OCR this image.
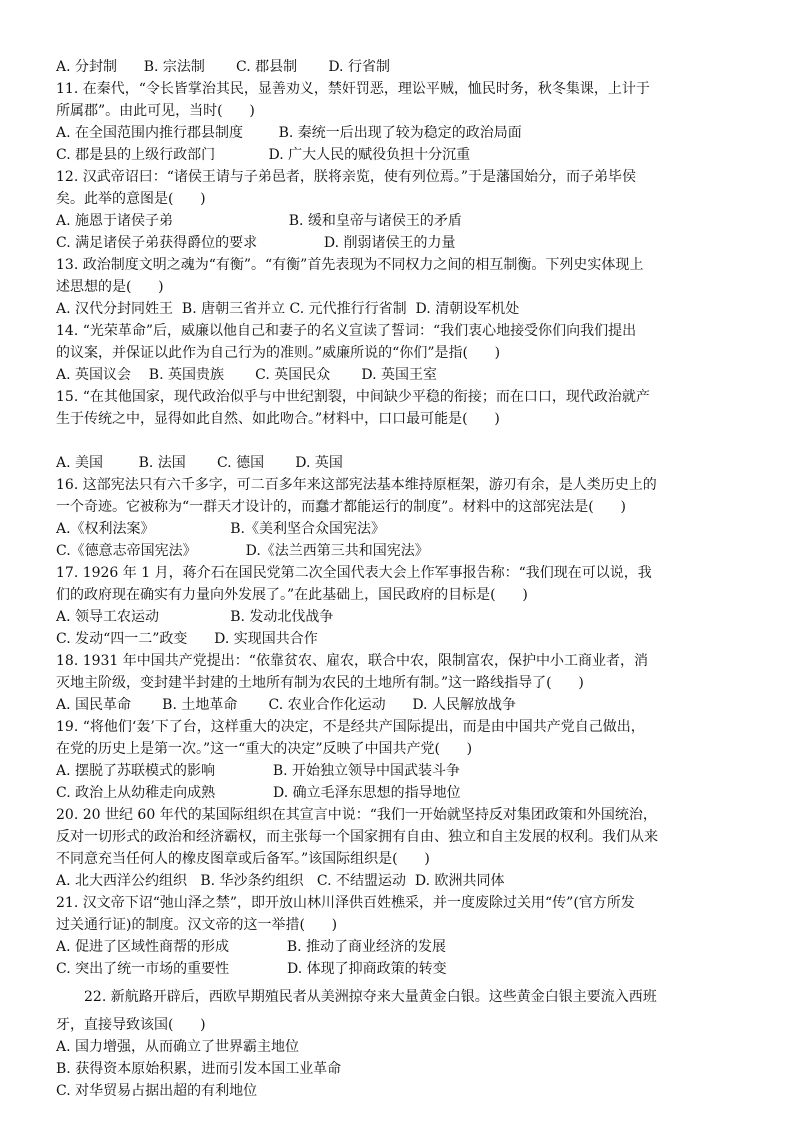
A. 分封制      B. 宗法制       C. 郡县制       D. 行省制
11. 在秦代，“令长皆掌治其民，显善劝义，禁奸罚恶，理讼平贼，恤民时务，秋冬集课，上计于
所属郡”。由此可见，当时(      )
A. 在全国范围内推行郡县制度        B. 秦统一后出现了较为稳定的政治局面
C. 郡是县的上级行政部门            D. 广大人民的赋役负担十分沉重
12. 汉武帝诏曰：“诸侯王请与子弟邑者，朕将亲览，使有列位焉。”于是藩国始分，而子弟毕侯
矣。此举的意图是(      )
A. 施恩于诸侯子弟                          B. 缓和皇帝与诸侯王的矛盾
C. 满足诸侯子弟获得爵位的要求               D. 削弱诸侯王的力量
13. 政治制度文明之魂为“有衡”。“有衡”首先表现为不同权力之间的相互制衡。下列史实体现上
述思想的是(      )
A. 汉代分封同姓王  B. 唐朝三省并立 C. 元代推行行省制  D. 清朝设军机处
14. “光荣革命”后，威廉以他自己和妻子的名义宣读了誓词：“我们衷心地接受你们向我们提出
的议案，并保证以此作为自己行为的准则。”威廉所说的“你们”是指(      )
A. 英国议会    B. 英国贵族       C. 英国民众       D. 英国王室
15. “在其他国家，现代政治似乎与中世纪割裂，中间缺少平稳的衔接；而在口口，现代政治就产
生于传统之中，显得如此自然、如此吻合。”材料中，口口最可能是(      )
A. 美国        B. 法国       C. 德国       D. 英国
16. 这部宪法只有六千多字，可二百多年来这部宪法基本维持原框架，游刃有余，是人类历史上的
一个奇迹。它被称为“一群天才设计的，而蠢才都能运行的制度”。材料中的这部宪法是(      )
A.《权利法案》                 B.《美利坚合众国宪法》
C.《德意志帝国宪法》           D.《法兰西第三共和国宪法》
17. 1926 年 1 月，蒋介石在国民党第二次全国代表大会上作军事报告称：“我们现在可以说，我
们的政府现在确实有力量向外发展了。”在此基础上，国民政府的目标是(      )
A. 领导工农运动                B. 发动北伐战争
C. 发动“四一二”政变      D. 实现国共合作
18. 1931 年中国共产党提出：“依靠贫农、雇农，联合中农，限制富农，保护中小工商业者，消
灭地主阶级，变封建半封建的土地所有制为农民的土地所有制。”这一路线指导了(      )
A. 国民革命       B. 土地革命       C. 农业合作化运动      D. 人民解放战争
19. “将他们‘轰’下了台，这样重大的决定，不是经共产国际提出，而是由中国共产党自己做出，
在党的历史上是第一次。”这一“重大的决定”反映了中国共产党(      )
A. 摆脱了苏联模式的影响             B. 开始独立领导中国武装斗争
C. 政治上从幼稚走向成熟             D. 确立毛泽东思想的指导地位
20. 20 世纪 60 年代的某国际组织在其宣言中说：“我们一开始就坚持反对集团政策和外国统治，
反对一切形式的政治和经济霸权，而主张每一个国家拥有自由、独立和自主发展的权利。我们从来
不同意充当任何人的橡皮图章或后备军。”该国际组织是(      )
A. 北大西洋公约组织   B. 华沙条约组织   C. 不结盟运动  D. 欧洲共同体
21. 汉文帝下诏“弛山泽之禁”，即开放山林川泽供百姓樵采，并一度废除过关用“传”(官方所发
过关通行证)的制度。汉文帝的这一举措(      )
A. 促进了区域性商帮的形成             B. 推动了商业经济的发展
C. 突出了统一市场的重要性             D. 体现了抑商政策的转变
22. 新航路开辟后，西欧早期殖民者从美洲掠夺来大量黄金白银。这些黄金白银主要流入西班
牙，直接导致该国(      )
A. 国力增强，从而确立了世界霸主地位
B. 获得资本原始积累，进而引发本国工业革命
C. 对华贸易占据出超的有利地位
